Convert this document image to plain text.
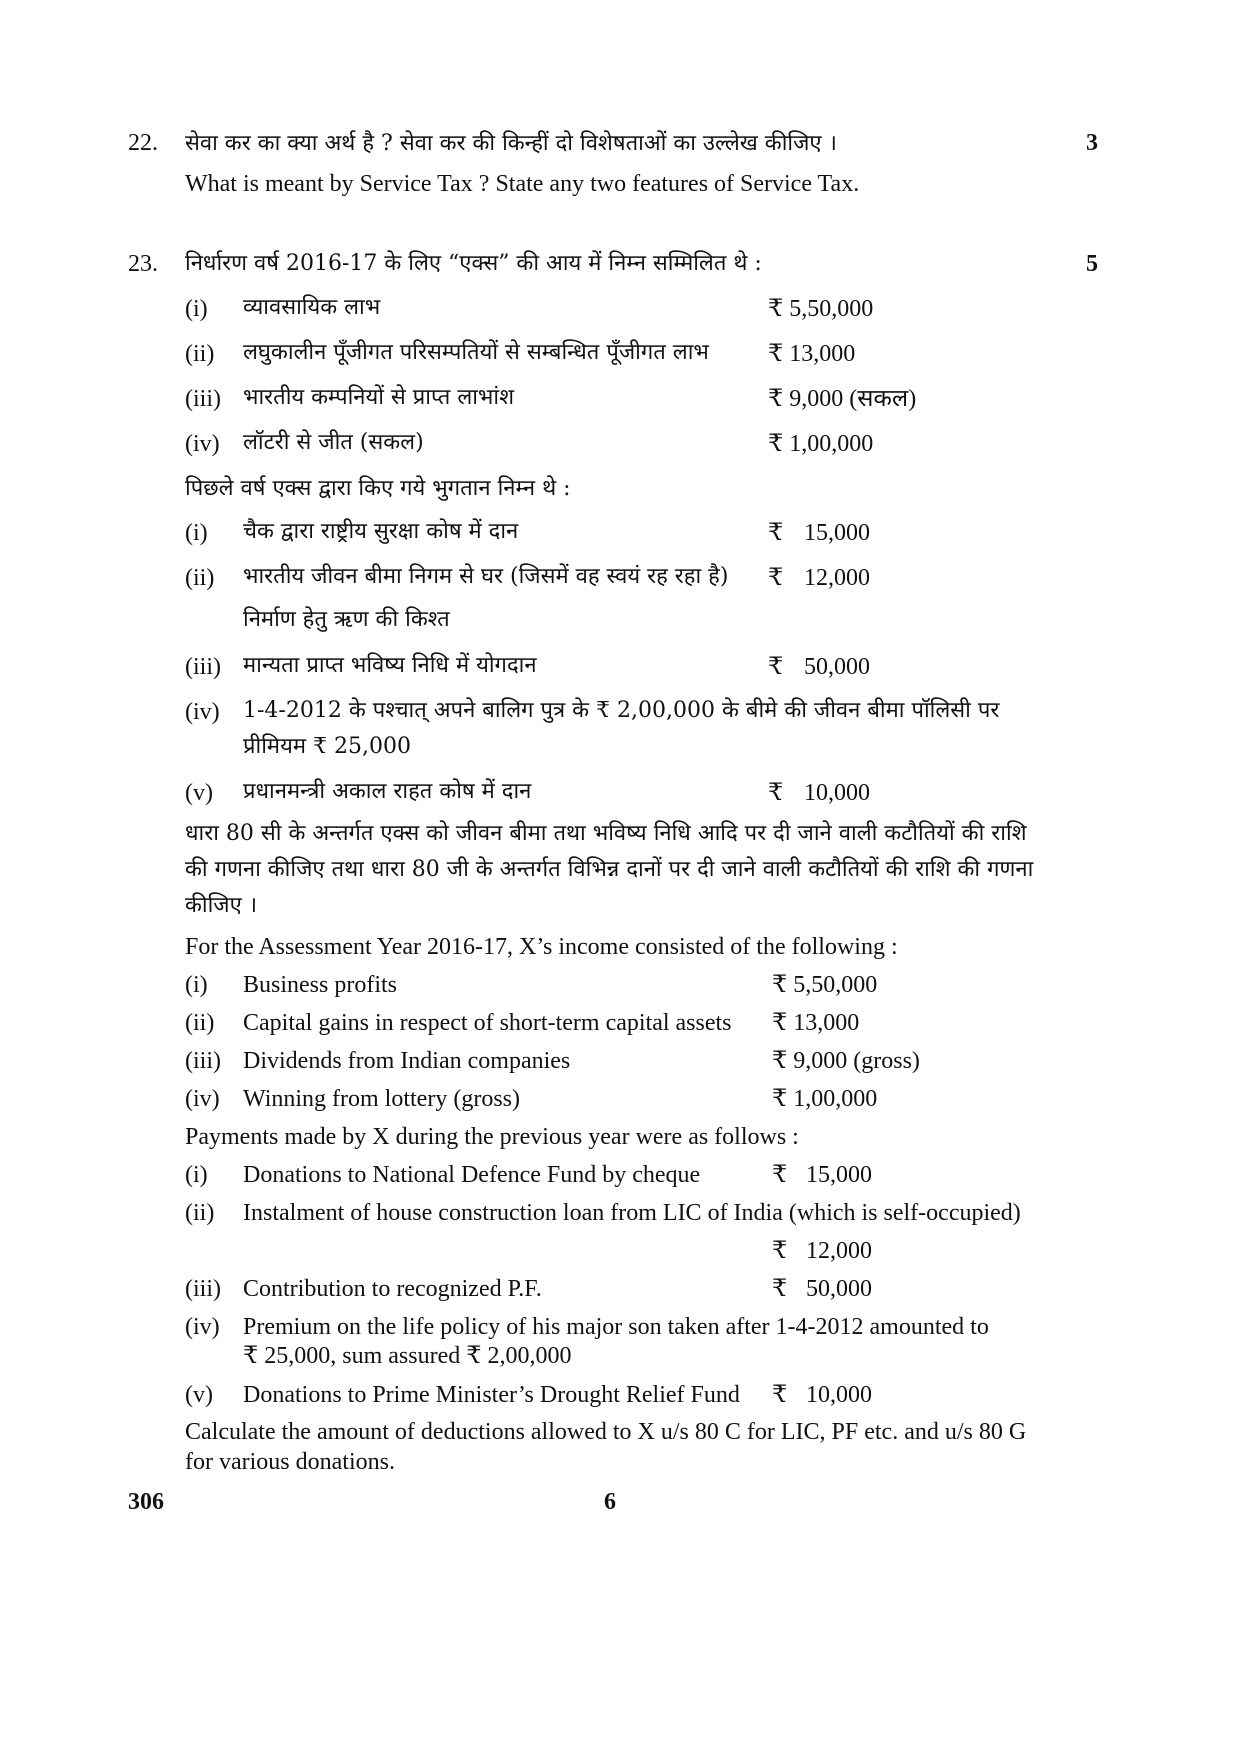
22. सेवा कर का क्या अर्थ है ? सेवा कर की किन्हीं दो विशेषताओं का उल्लेख कीजिए ।	3
What is meant by Service Tax ? State any two features of Service Tax.
23. निर्धारण वर्ष 2016-17 के लिए “एक्स” की आय में निम्न सम्मिलित थे :	5
(i) व्यावसायिक लाभ	₹ 5,50,000
(ii) लघुकालीन पूँजीगत परिसम्पतियों से सम्बन्धित पूँजीगत लाभ ₹ 13,000
(iii) भारतीय कम्पनियों से प्राप्त लाभांश	₹ 9,000 (सकल)
(iv) लॉटरी से जीत (सकल)	₹ 1,00,000
पिछले वर्ष एक्स द्वारा किए गये भुगतान निम्न थे :
(i) चैक द्वारा राष्ट्रीय सुरक्षा कोष में दान	₹ 15,000
(ii) भारतीय जीवन बीमा निगम से घर (जिसमें वह स्वयं रह रहा है) ₹ 12,000
निर्माण हेतु ऋण की किश्त
(iii) मान्यता प्राप्त भविष्य निधि में योगदान	₹ 50,000
(iv) 1-4-2012 के पश्चात् अपने बालिग पुत्र के ₹ 2,00,000 के बीमे की जीवन बीमा पॉलिसी पर
प्रीमियम ₹ 25,000
(v) प्रधानमन्त्री अकाल राहत कोष में दान	₹ 10,000
धारा 80 सी के अन्तर्गत एक्स को जीवन बीमा तथा भविष्य निधि आदि पर दी जाने वाली कटौतियों की राशि की गणना कीजिए तथा धारा 80 जी के अन्तर्गत विभिन्न दानों पर दी जाने वाली कटौतियों की राशि की गणना कीजिए ।
For the Assessment Year 2016-17, X’s income consisted of the following :
(i) Business profits	₹ 5,50,000
(ii) Capital gains in respect of short-term capital assets ₹ 13,000
(iii) Dividends from Indian companies	₹ 9,000 (gross)
(iv) Winning from lottery (gross)	₹ 1,00,000
Payments made by X during the previous year were as follows :
(i) Donations to National Defence Fund by cheque	₹ 15,000
(ii) Instalment of house construction loan from LIC of India (which is self-occupied)
₹ 12,000
(iii) Contribution to recognized P.F.	₹ 50,000
(iv) Premium on the life policy of his major son taken after 1-4-2012 amounted to
₹ 25,000, sum assured ₹ 2,00,000
(v) Donations to Prime Minister’s Drought Relief Fund ₹ 10,000
Calculate the amount of deductions allowed to X u/s 80 C for LIC, PF etc. and u/s 80 G for various donations.
306	6
